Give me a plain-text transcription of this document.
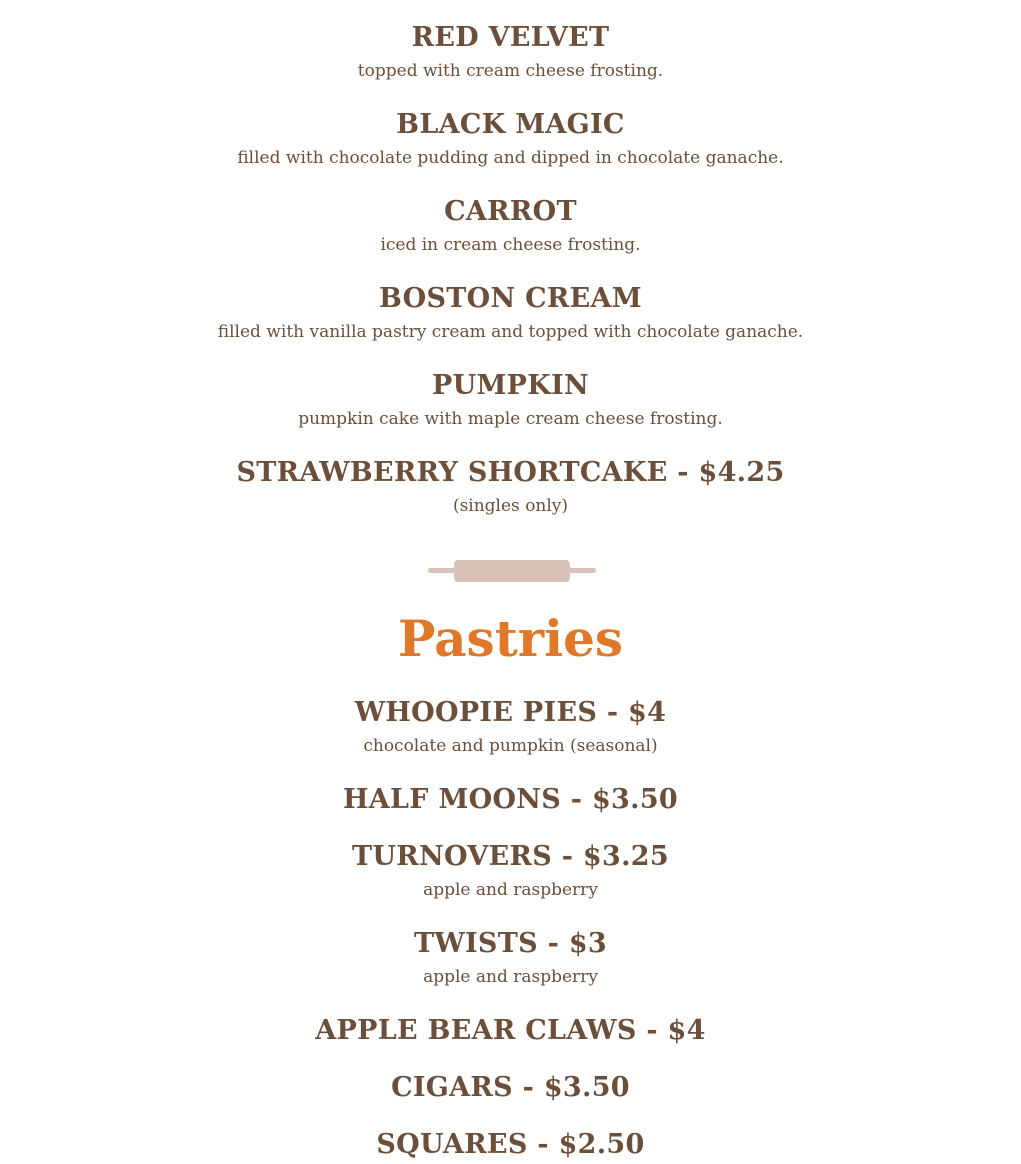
RED VELVET
topped with cream cheese frosting.
BLACK MAGIC
filled with chocolate pudding and dipped in chocolate ganache.
CARROT
iced in cream cheese frosting.
BOSTON CREAM
filled with vanilla pastry cream and topped with chocolate ganache.
PUMPKIN
pumpkin cake with maple cream cheese frosting.
STRAWBERRY SHORTCAKE - $4.25
(singles only)
Pastries
WHOOPIE PIES - $4
chocolate and pumpkin (seasonal)
HALF MOONS - $3.50
TURNOVERS - $3.25
apple and raspberry
TWISTS - $3
apple and raspberry
APPLE BEAR CLAWS - $4
CIGARS - $3.50
SQUARES - $2.50
